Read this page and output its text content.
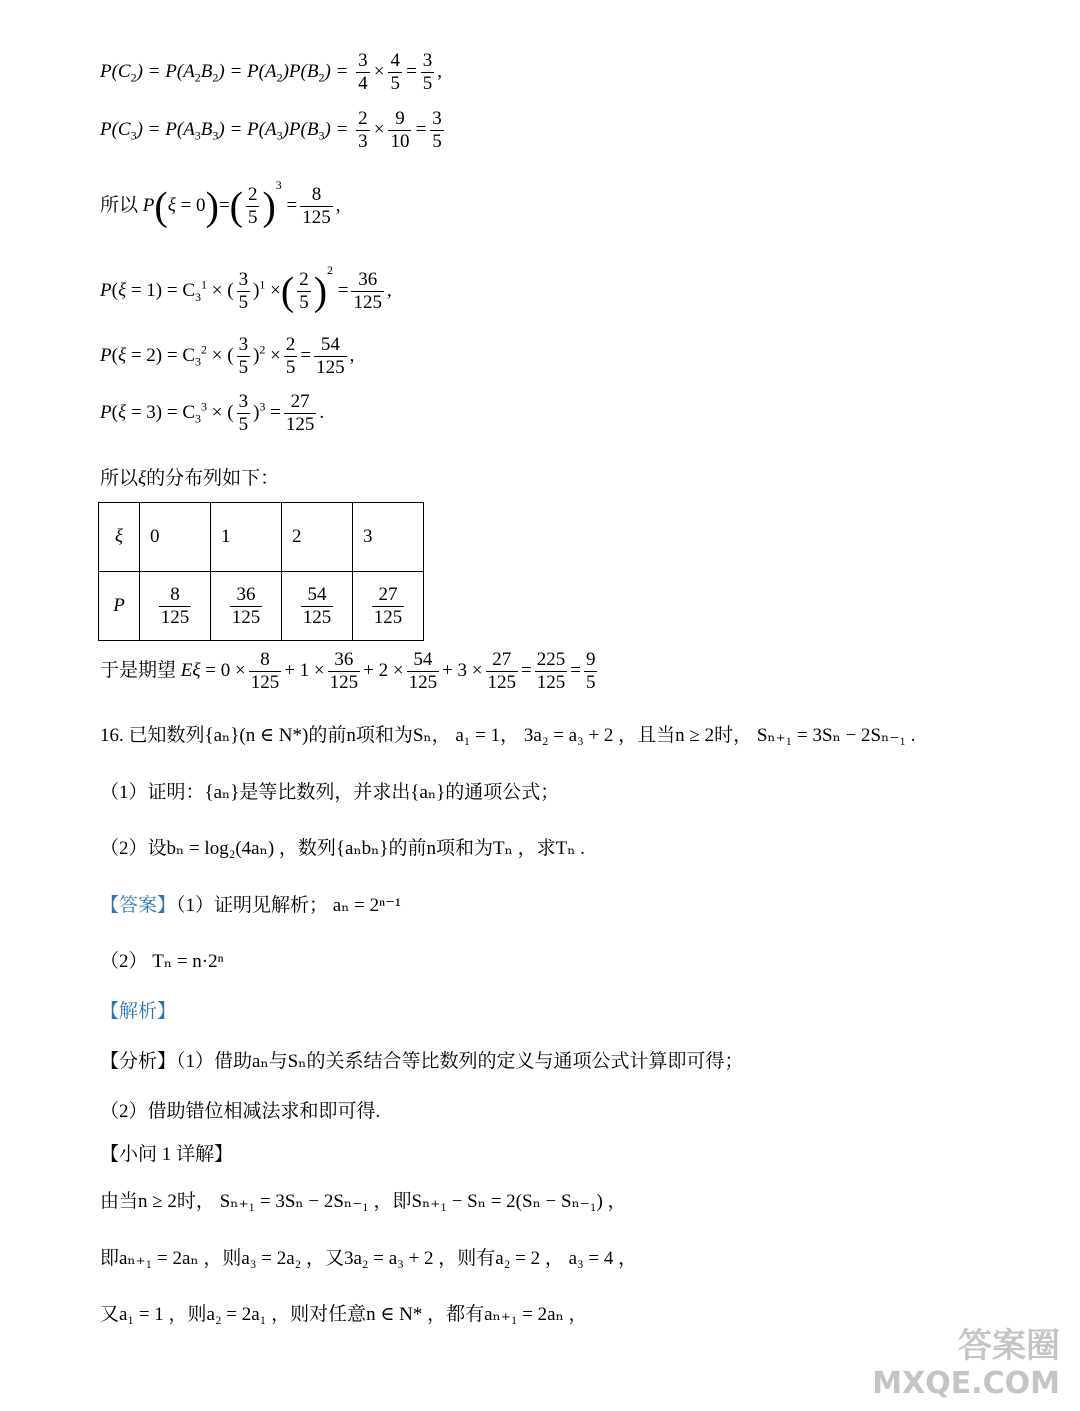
$P(C_2) = P(A_2B_2) = P(A_2)P(B_2) = \frac{3}{4} \times \frac{4}{5} = \frac{3}{5}$ ,
$P(C_3) = P(A_3B_3) = P(A_3)P(B_3) = \frac{2}{3} \times \frac{9}{10} = \frac{3}{5}$
所以 $P(\xi = 0)=( \frac{2}{5} )^3 = \frac{8}{125}$ ,
$P(\xi = 1) = C_3^1$ × ( $\frac{3}{5} )^1$ ×( $\frac{2}{5} )^2 = \frac{36}{125}$ ,
$P(\xi = 2) = C_3^2$ × ( $\frac{3}{5} )^2 \times \frac{2}{5} = \frac{54}{125}$ ,
$P(\xi = 3) = C_3^3$ × ( $\frac{3}{5} )^3 = \frac{27}{125}$ .
所以ξ的分布列如下：
ξ	0	1	2	3
P	$\frac{8}{125}$	$\frac{36}{125}$	$\frac{54}{125}$	$\frac{27}{125}$
于是期望 $E\xi = 0 \times \frac{8}{125} + 1 \times \frac{36}{125} + 2 \times \frac{54}{125} + 3 \times \frac{27}{125} = \frac{225}{125} = \frac{9}{5}$
16. 已知数列{aₙ}(n ∈ N*)的前n项和为Sₙ， a₁ = 1， 3a₂ = a₃ + 2 ，且当n ≥ 2时， Sₙ₊₁ = 3Sₙ − 2Sₙ₋₁ .
（1）证明：{aₙ}是等比数列，并求出{aₙ}的通项公式；
（2）设bₙ = log₂(4aₙ) ，数列{aₙbₙ}的前n项和为Tₙ ，求Tₙ .
【答案】（1）证明见解析； aₙ = 2ⁿ⁻¹
（2） Tₙ = n·2ⁿ
【解析】
【分析】（1）借助aₙ与Sₙ的关系结合等比数列的定义与通项公式计算即可得；
（2）借助错位相减法求和即可得.
【小问 1 详解】
由当n ≥ 2时， Sₙ₊₁ = 3Sₙ − 2Sₙ₋₁ ，即Sₙ₊₁ − Sₙ = 2(Sₙ − Sₙ₋₁) ，
即aₙ₊₁ = 2aₙ ，则a₃ = 2a₂ ，又3a₂ = a₃ + 2 ，则有a₂ = 2 ， a₃ = 4 ，
又a₁ = 1 ，则a₂ = 2a₁ ，则对任意n ∈ N* ，都有aₙ₊₁ = 2aₙ ，
答案圈
MXQE.COM
